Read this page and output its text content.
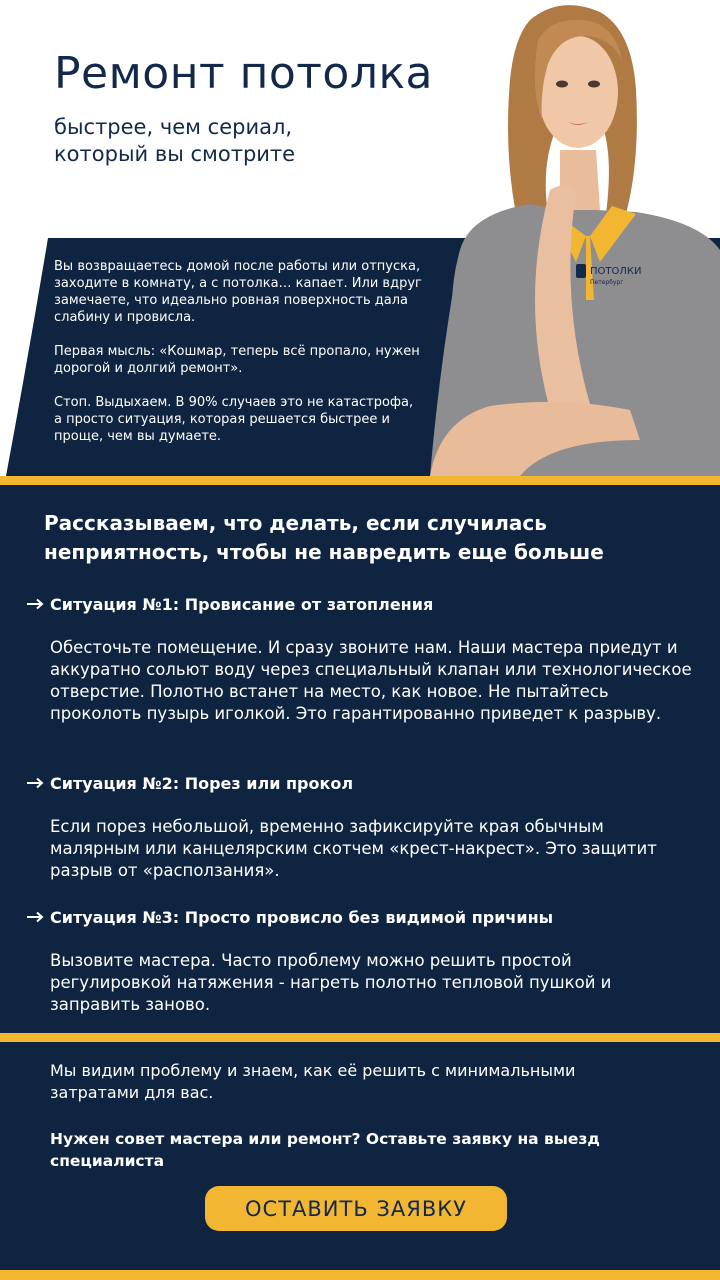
Ремонт потолка
быстрее, чем сериал,
который вы смотрите

Вы возвращаетесь домой после работы или отпуска, заходите в комнату, а с потолка… капает. Или вдруг замечаете, что идеально ровная поверхность дала слабину и провисла.

Первая мысль: «Кошмар, теперь всё пропало, нужен дорогой и долгий ремонт».

Стоп. Выдыхаем. В 90% случаев это не катастрофа, а просто ситуация, которая решается быстрее и проще, чем вы думаете.

ПОТОЛКИ
Петербург
Рассказываем, что делать, если случилась неприятность, чтобы не навредить еще больше
Ситуация №1: Провисание от затопления
Обесточьте помещение. И сразу звоните нам. Наши мастера приедут и аккуратно сольют воду через специальный клапан или технологическое отверстие. Полотно встанет на место, как новое. Не пытайтесь проколоть пузырь иголкой. Это гарантированно приведет к разрыву.
Ситуация №2: Порез или прокол
Если порез небольшой, временно зафиксируйте края обычным малярным или канцелярским скотчем «крест-накрест». Это защитит разрыв от «расползания».
Ситуация №3: Просто провисло без видимой причины
Вызовите мастера. Часто проблему можно решить простой регулировкой натяжения - нагреть полотно тепловой пушкой и заправить заново.
Мы видим проблему и знаем, как её решить с минимальными затратами для вас.
Нужен совет мастера или ремонт? Оставьте заявку на выезд специалиста
ОСТАВИТЬ ЗАЯВКУ
